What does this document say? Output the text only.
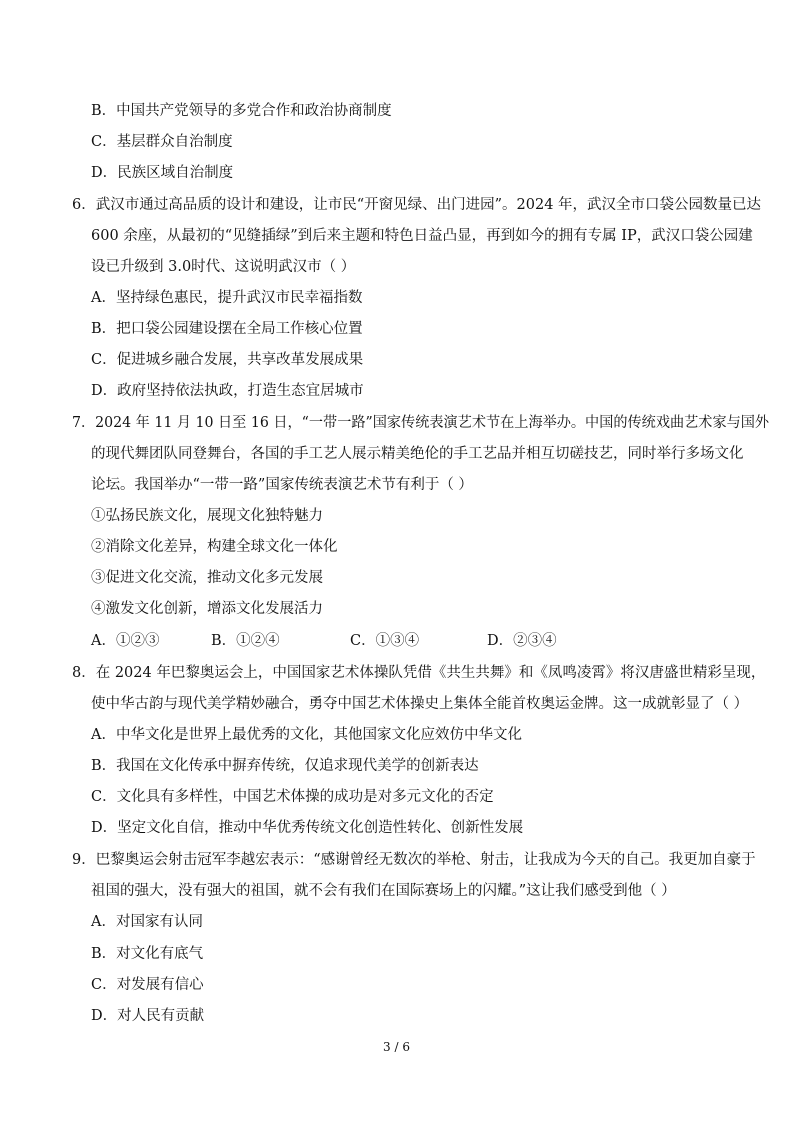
B．中国共产党领导的多党合作和政治协商制度
C．基层群众自治制度
D．民族区域自治制度
6．武汉市通过高品质的设计和建设，让市民“开窗见绿、出门进园”。2024 年，武汉全市口袋公园数量已达
600 余座，从最初的“见缝插绿”到后来主题和特色日益凸显，再到如今的拥有专属 IP，武汉口袋公园建
设已升级到 3.0时代、这说明武汉市（ ）
A．坚持绿色惠民，提升武汉市民幸福指数
B．把口袋公园建设摆在全局工作核心位置
C．促进城乡融合发展，共享改革发展成果
D．政府坚持依法执政，打造生态宜居城市
7．2024 年 11 月 10 日至 16 日，“一带一路”国家传统表演艺术节在上海举办。中国的传统戏曲艺术家与国外
的现代舞团队同登舞台，各国的手工艺人展示精美绝伦的手工艺品并相互切磋技艺，同时举行多场文化
论坛。我国举办“一带一路”国家传统表演艺术节有利于（ ）
①弘扬民族文化，展现文化独特魅力
②消除文化差异，构建全球文化一体化
③促进文化交流，推动文化多元发展
④激发文化创新，增添文化发展活力
A．①②③	B．①②④	C．①③④	D．②③④
8．在 2024 年巴黎奥运会上，中国国家艺术体操队凭借《共生共舞》和《凤鸣凌霄》将汉唐盛世精彩呈现，
使中华古韵与现代美学精妙融合，勇夺中国艺术体操史上集体全能首枚奥运金牌。这一成就彰显了（ ）
A．中华文化是世界上最优秀的文化，其他国家文化应效仿中华文化
B．我国在文化传承中摒弃传统，仅追求现代美学的创新表达
C．文化具有多样性，中国艺术体操的成功是对多元文化的否定
D．坚定文化自信，推动中华优秀传统文化创造性转化、创新性发展
9．巴黎奥运会射击冠军李越宏表示：“感谢曾经无数次的举枪、射击，让我成为今天的自己。我更加自豪于
祖国的强大，没有强大的祖国，就不会有我们在国际赛场上的闪耀。”这让我们感受到他（ ）
A．对国家有认同
B．对文化有底气
C．对发展有信心
D．对人民有贡献
3 / 6
